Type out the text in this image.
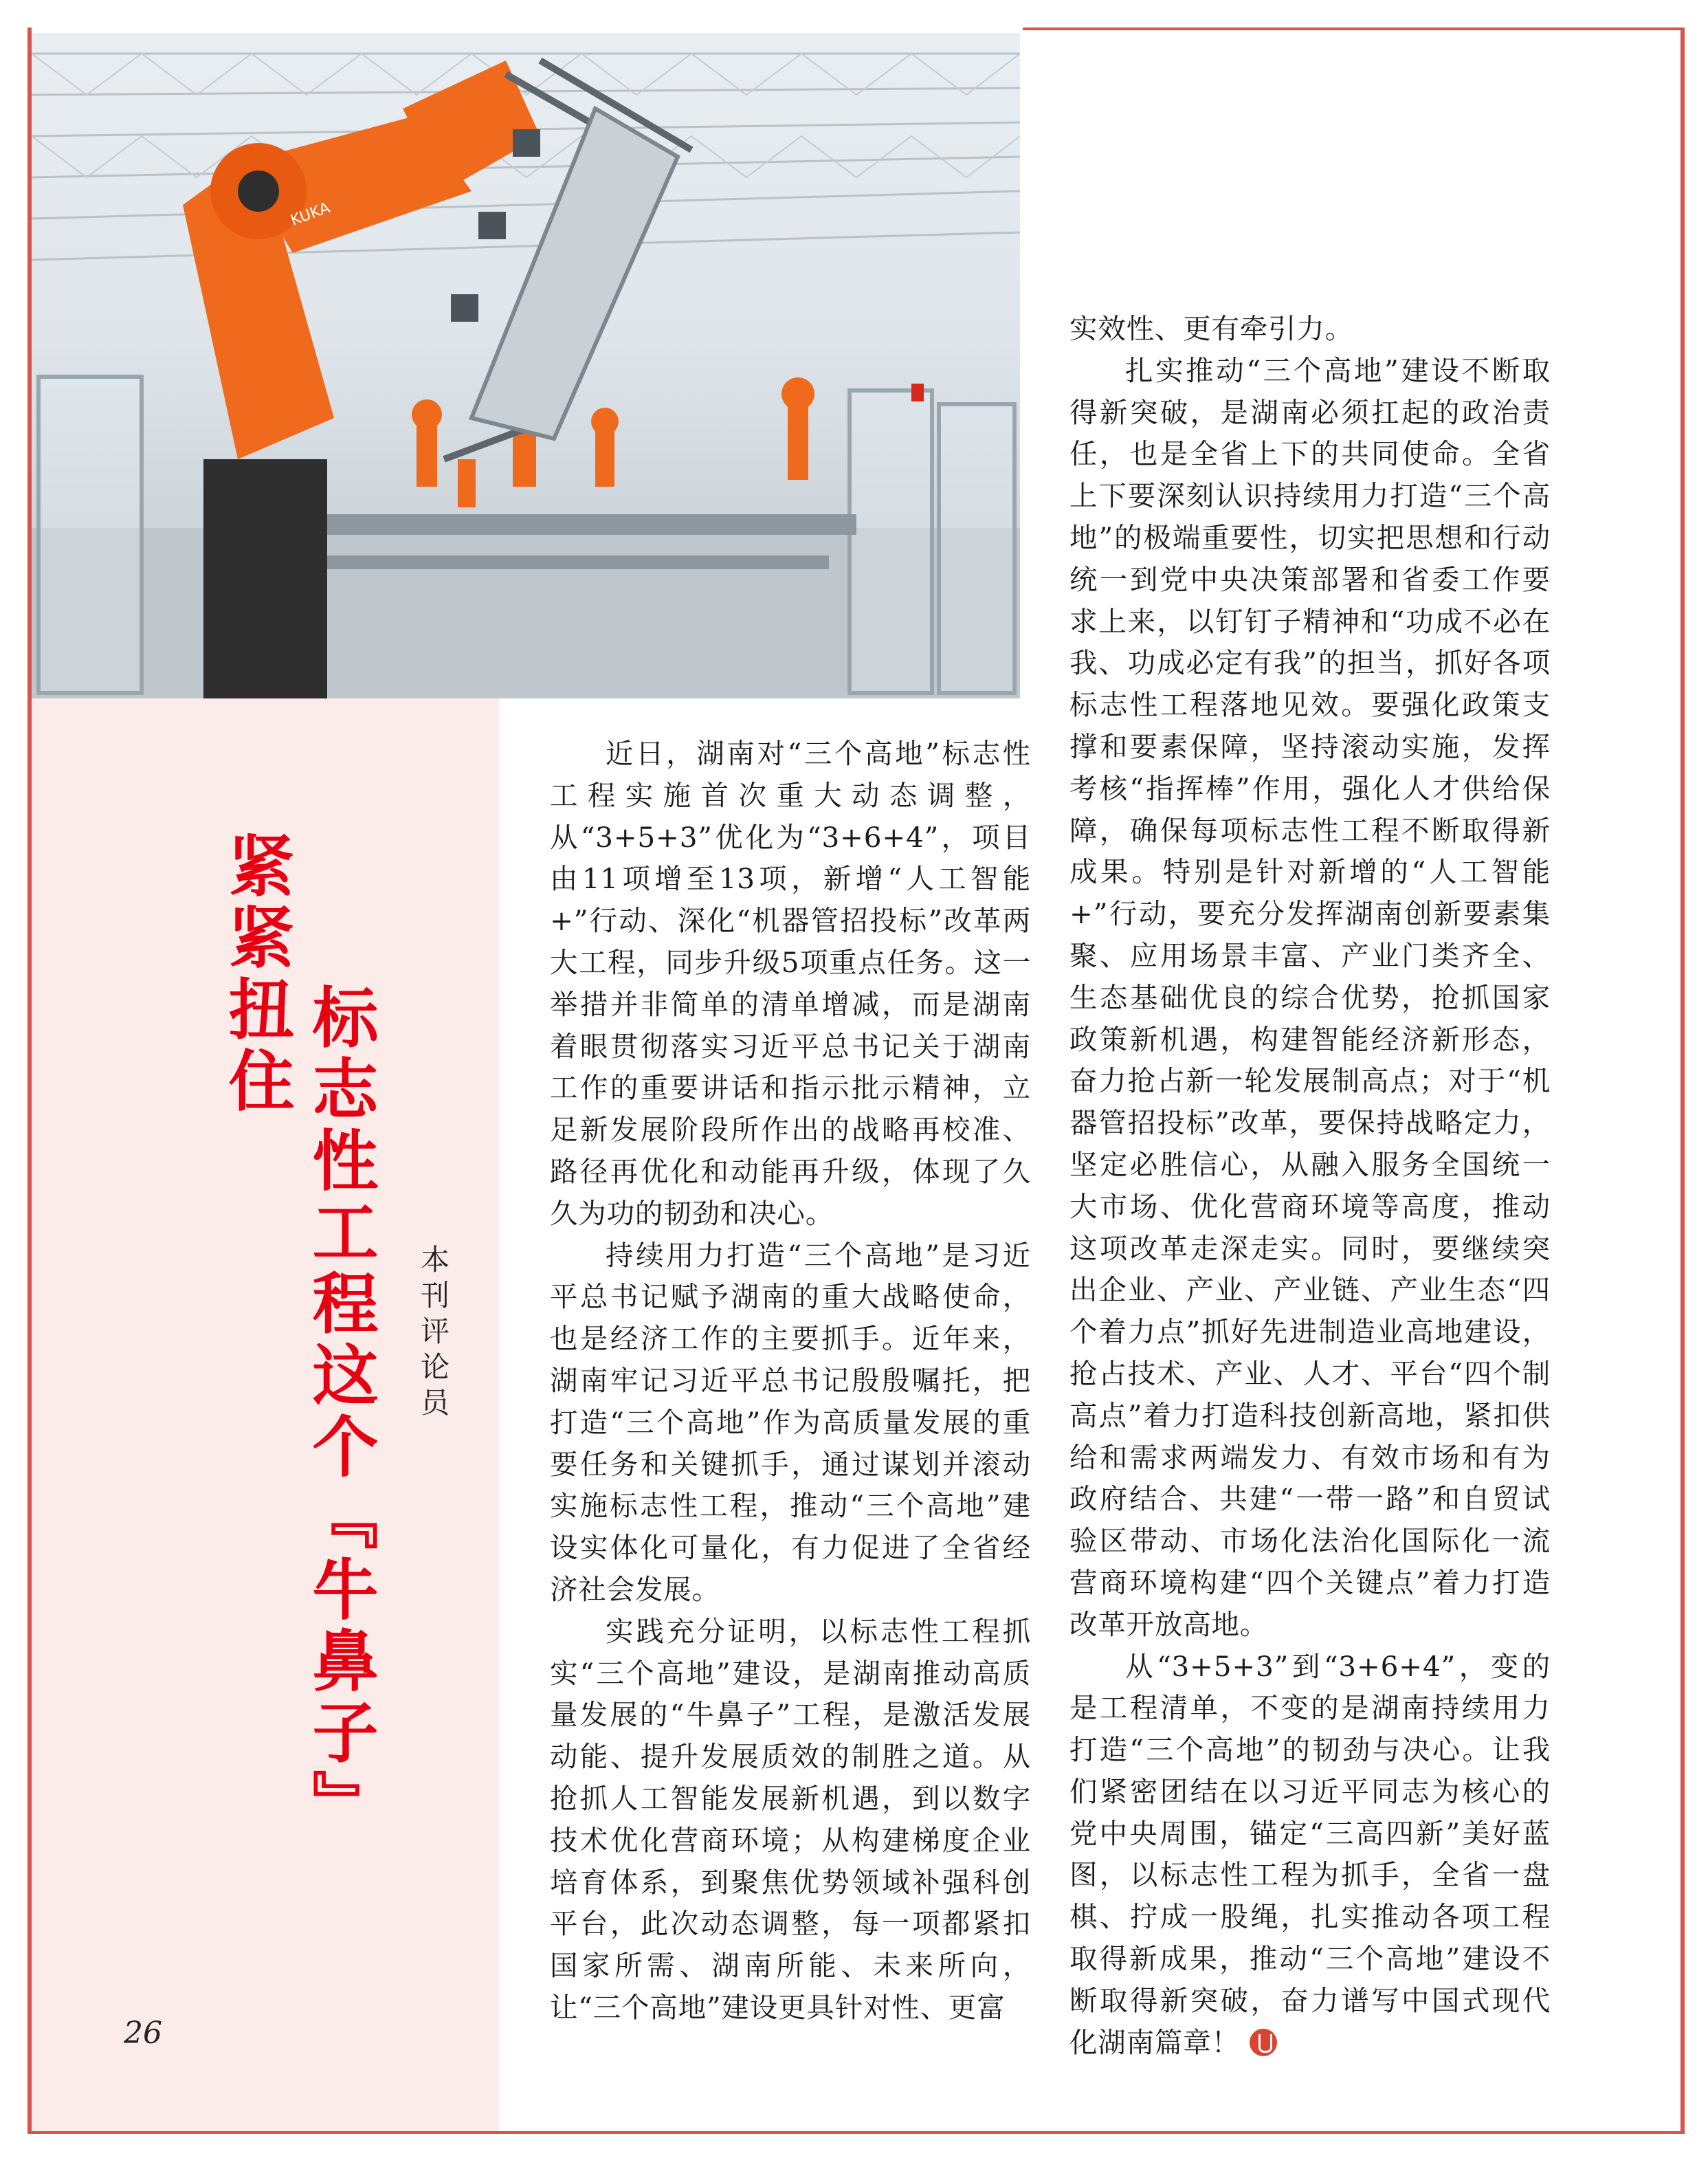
KUKA
紧紧扭住
标志性工程这个『牛鼻子』 本刊评论员

近日，湖南对“三个高地”标志性工程实施首次重大动态调整，从“3+5+3”优化为“3+6+4”，项目由11项增至13项，新增“人工智能+”行动、深化“机器管招投标”改革两大工程，同步升级5项重点任务。这一举措并非简单的清单增减，而是湖南着眼贯彻落实习近平总书记关于湖南工作的重要讲话和指示批示精神，立足新发展阶段所作出的战略再校准、路径再优化和动能再升级，体现了久久为功的韧劲和决心。

持续用力打造“三个高地”是习近平总书记赋予湖南的重大战略使命，也是经济工作的主要抓手。近年来，湖南牢记习近平总书记殷殷嘱托，把打造“三个高地”作为高质量发展的重要任务和关键抓手，通过谋划并滚动实施标志性工程，推动“三个高地”建设实体化可量化，有力促进了全省经济社会发展。

实践充分证明，以标志性工程抓实“三个高地”建设，是湖南推动高质量发展的“牛鼻子”工程，是激活发展动能、提升发展质效的制胜之道。从抢抓人工智能发展新机遇，到以数字技术优化营商环境；从构建梯度企业培育体系，到聚焦优势领域补强科创平台，此次动态调整，每一项都紧扣国家所需、湖南所能、未来所向，让“三个高地”建设更具针对性、更富

实效性、更有牵引力。

扎实推动“三个高地”建设不断取得新突破，是湖南必须扛起的政治责任，也是全省上下的共同使命。全省上下要深刻认识持续用力打造“三个高地”的极端重要性，切实把思想和行动统一到党中央决策部署和省委工作要求上来，以钉钉子精神和“功成不必在我、功成必定有我”的担当，抓好各项标志性工程落地见效。要强化政策支撑和要素保障，坚持滚动实施，发挥考核“指挥棒”作用，强化人才供给保障，确保每项标志性工程不断取得新成果。特别是针对新增的“人工智能+”行动，要充分发挥湖南创新要素集聚、应用场景丰富、产业门类齐全、生态基础优良的综合优势，抢抓国家政策新机遇，构建智能经济新形态，奋力抢占新一轮发展制高点；对于“机器管招投标”改革，要保持战略定力，坚定必胜信心，从融入服务全国统一大市场、优化营商环境等高度，推动这项改革走深走实。同时，要继续突出企业、产业、产业链、产业生态“四个着力点”抓好先进制造业高地建设，抢占技术、产业、人才、平台“四个制高点”着力打造科技创新高地，紧扣供给和需求两端发力、有效市场和有为政府结合、共建“一带一路”和自贸试验区带动、市场化法治化国际化一流营商环境构建“四个关键点”着力打造改革开放高地。

从“3+5+3”到“3+6+4”，变的是工程清单，不变的是湖南持续用力打造“三个高地”的韧劲与决心。让我们紧密团结在以习近平同志为核心的党中央周围，锚定“三高四新”美好蓝图，以标志性工程为抓手，全省一盘棋、拧成一股绳，扎实推动各项工程取得新成果，推动“三个高地”建设不断取得新突破，奋力谱写中国式现代化湖南篇章！

26
